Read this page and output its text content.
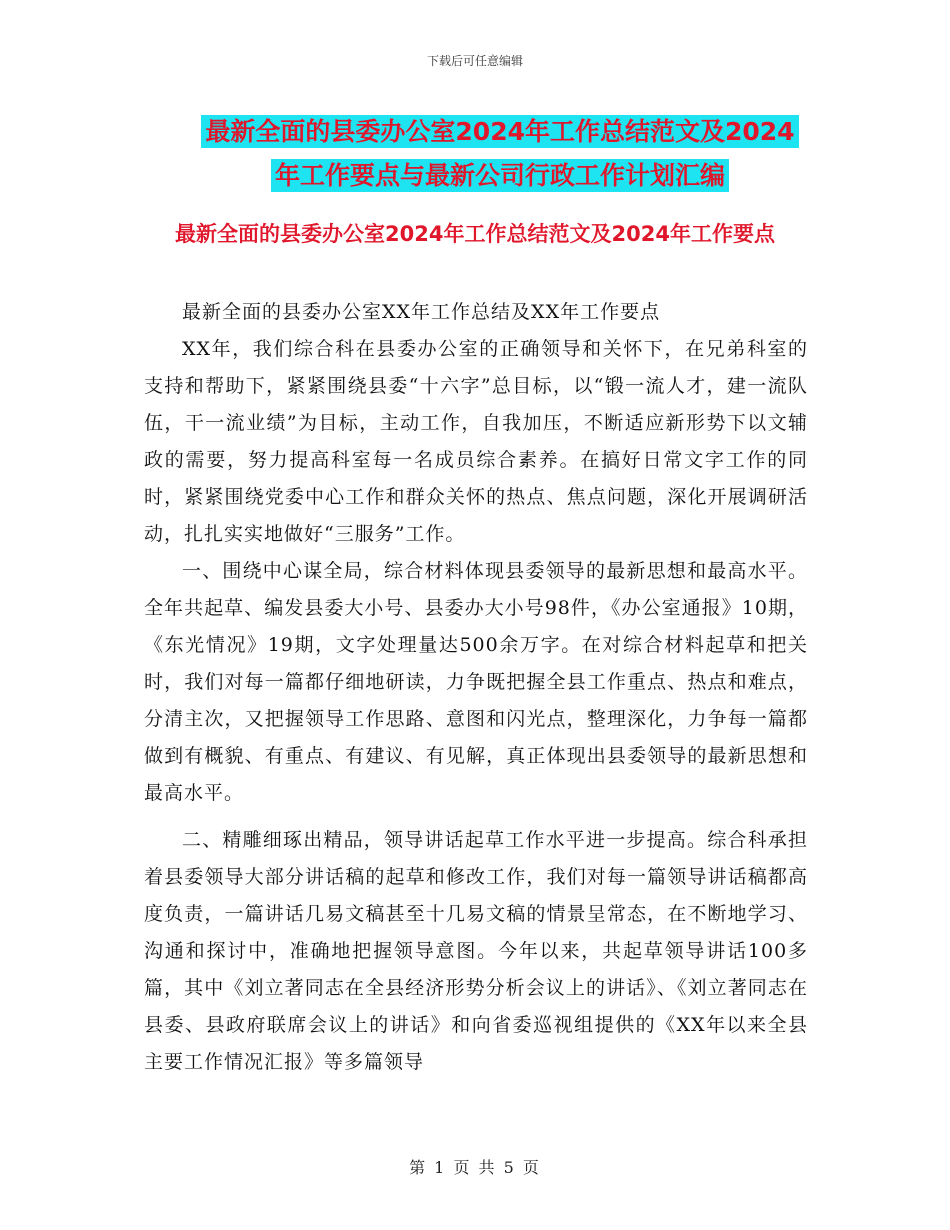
下载后可任意编辑
最新全面的县委办公室2024年工作总结范文及2024
年工作要点与最新公司行政工作计划汇编
最新全面的县委办公室2024年工作总结范文及2024年工作要点

最新全面的县委办公室XX年工作总结及XX年工作要点

XX年，我们综合科在县委办公室的正确领导和关怀下，在兄弟科室的支持和帮助下，紧紧围绕县委“十六字”总目标，以“锻一流人才，建一流队伍，干一流业绩”为目标，主动工作，自我加压，不断适应新形势下以文辅政的需要，努力提高科室每一名成员综合素养。在搞好日常文字工作的同时，紧紧围绕党委中心工作和群众关怀的热点、焦点问题，深化开展调研活动，扎扎实实地做好“三服务”工作。

一、围绕中心谋全局，综合材料体现县委领导的最新思想和最高水平。全年共起草、编发县委大小号、县委办大小号98件，《办公室通报》10期，《东光情况》19期，文字处理量达500余万字。在对综合材料起草和把关时，我们对每一篇都仔细地研读，力争既把握全县工作重点、热点和难点，分清主次，又把握领导工作思路、意图和闪光点，整理深化，力争每一篇都做到有概貌、有重点、有建议、有见解，真正体现出县委领导的最新思想和最高水平。

二、精雕细琢出精品，领导讲话起草工作水平进一步提高。综合科承担着县委领导大部分讲话稿的起草和修改工作，我们对每一篇领导讲话稿都高度负责，一篇讲话几易文稿甚至十几易文稿的情景呈常态，在不断地学习、沟通和探讨中，准确地把握领导意图。今年以来，共起草领导讲话100多篇，其中《刘立著同志在全县经济形势分析会议上的讲话》、《刘立著同志在县委、县政府联席会议上的讲话》和向省委巡视组提供的《XX年以来全县主要工作情况汇报》等多篇领导

第 1 页 共 5 页
